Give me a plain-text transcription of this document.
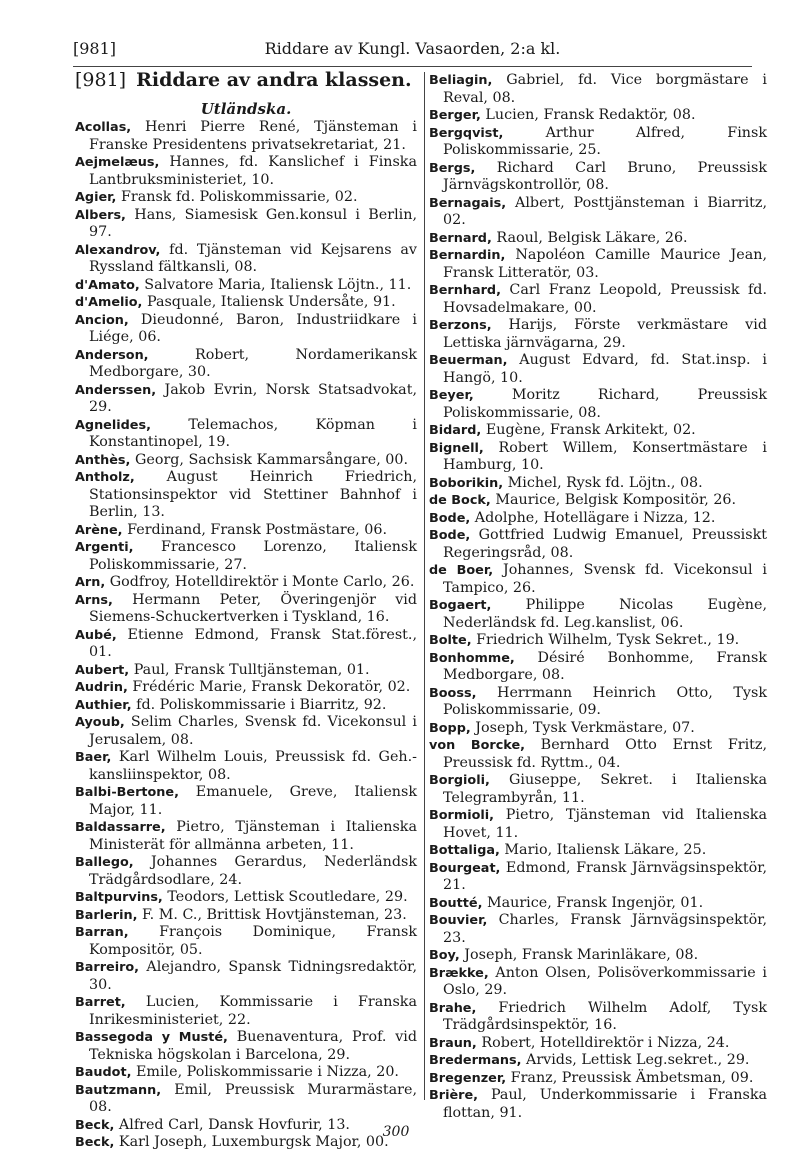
[981]	Riddare av Kungl. Vasaorden, 2:a kl.
[981] Riddare av andra klassen.
Utländska.

Acollas, Henri Pierre René, Tjänsteman i Franske Presidentens privatsekretariat, 21.

Aejmelæus, Hannes, fd. Kanslichef i Finska Lantbruksministeriet, 10.

Agier, Fransk fd. Poliskommissarie, 02.

Albers, Hans, Siamesisk Gen.konsul i Berlin, 97.

Alexandrov, fd. Tjänsteman vid Kejsarens av Ryssland fältkansli, 08.

d'Amato, Salvatore Maria, Italiensk Löjtn., 11.

d'Amelio, Pasquale, Italiensk Undersåte, 91.

Ancion, Dieudonné, Baron, Industriidkare i Liége, 06.

Anderson, Robert, Nordamerikansk Medborgare, 30.

Anderssen, Jakob Evrin, Norsk Statsadvokat, 29.

Agnelides, Telemachos, Köpman i Konstantinopel, 19.

Anthès, Georg, Sachsisk Kammarsångare, 00.

Antholz, August Heinrich Friedrich, Stationsinspektor vid Stettiner Bahnhof i Berlin, 13.

Arène, Ferdinand, Fransk Postmästare, 06.

Argenti, Francesco Lorenzo, Italiensk Poliskommissarie, 27.

Arn, Godfroy, Hotelldirektör i Monte Carlo, 26.

Arns, Hermann Peter, Överingenjör vid Siemens-Schuckertverken i Tyskland, 16.

Aubé, Etienne Edmond, Fransk Stat.förest., 01.

Aubert, Paul, Fransk Tulltjänsteman, 01.

Audrin, Frédéric Marie, Fransk Dekoratör, 02.

Authier, fd. Poliskommissarie i Biarritz, 92.

Ayoub, Selim Charles, Svensk fd. Vicekonsul i Jerusalem, 08.

Baer, Karl Wilhelm Louis, Preussisk fd. Geh.-kansliinspektor, 08.

Balbi-Bertone, Emanuele, Greve, Italiensk Major, 11.

Baldassarre, Pietro, Tjänsteman i Italienska Ministerät för allmänna arbeten, 11.

Ballego, Johannes Gerardus, Nederländsk Trädgårdsodlare, 24.

Baltpurvins, Teodors, Lettisk Scoutledare, 29.

Barlerin, F. M. C., Brittisk Hovtjänsteman, 23.

Barran, François Dominique, Fransk Kompositör, 05.

Barreiro, Alejandro, Spansk Tidningsredaktör, 30.

Barret, Lucien, Kommissarie i Franska Inrikesministeriet, 22.

Bassegoda y Musté, Buenaventura, Prof. vid Tekniska högskolan i Barcelona, 29.

Baudot, Emile, Poliskommissarie i Nizza, 20.

Bautzmann, Emil, Preussisk Murarmästare, 08.

Beck, Alfred Carl, Dansk Hovfurir, 13.

Beck, Karl Joseph, Luxemburgsk Major, 00.

Beliagin, Gabriel, fd. Vice borgmästare i Reval, 08.

Berger, Lucien, Fransk Redaktör, 08.

Bergqvist, Arthur Alfred, Finsk Poliskommissarie, 25.

Bergs, Richard Carl Bruno, Preussisk Järnvägskontrollör, 08.

Bernagais, Albert, Posttjänsteman i Biarritz, 02.

Bernard, Raoul, Belgisk Läkare, 26.

Bernardin, Napoléon Camille Maurice Jean, Fransk Litteratör, 03.

Bernhard, Carl Franz Leopold, Preussisk fd. Hovsadelmakare, 00.

Berzons, Harijs, Förste verkmästare vid Lettiska järnvägarna, 29.

Beuerman, August Edvard, fd. Stat.insp. i Hangö, 10.

Beyer, Moritz Richard, Preussisk Poliskommissarie, 08.

Bidard, Eugène, Fransk Arkitekt, 02.

Bignell, Robert Willem, Konsertmästare i Hamburg, 10.

Boborikin, Michel, Rysk fd. Löjtn., 08.

de Bock, Maurice, Belgisk Kompositör, 26.

Bode, Adolphe, Hotellägare i Nizza, 12.

Bode, Gottfried Ludwig Emanuel, Preussiskt Regeringsråd, 08.

de Boer, Johannes, Svensk fd. Vicekonsul i Tampico, 26.

Bogaert, Philippe Nicolas Eugène, Nederländsk fd. Leg.kanslist, 06.

Bolte, Friedrich Wilhelm, Tysk Sekret., 19.

Bonhomme, Désiré Bonhomme, Fransk Medborgare, 08.

Booss, Herrmann Heinrich Otto, Tysk Poliskommissarie, 09.

Bopp, Joseph, Tysk Verkmästare, 07.

von Borcke, Bernhard Otto Ernst Fritz, Preussisk fd. Ryttm., 04.

Borgioli, Giuseppe, Sekret. i Italienska Telegrambyrån, 11.

Bormioli, Pietro, Tjänsteman vid Italienska Hovet, 11.

Bottaliga, Mario, Italiensk Läkare, 25.

Bourgeat, Edmond, Fransk Järnvägsinspektör, 21.

Boutté, Maurice, Fransk Ingenjör, 01.

Bouvier, Charles, Fransk Järnvägsinspektör, 23.

Boy, Joseph, Fransk Marinläkare, 08.

Brække, Anton Olsen, Polisöverkommissarie i Oslo, 29.

Brahe, Friedrich Wilhelm Adolf, Tysk Trädgårdsinspektör, 16.

Braun, Robert, Hotelldirektör i Nizza, 24.

Bredermans, Arvids, Lettisk Leg.sekret., 29.

Bregenzer, Franz, Preussisk Ämbetsman, 09.

Brière, Paul, Underkommissarie i Franska flottan, 91.

300
